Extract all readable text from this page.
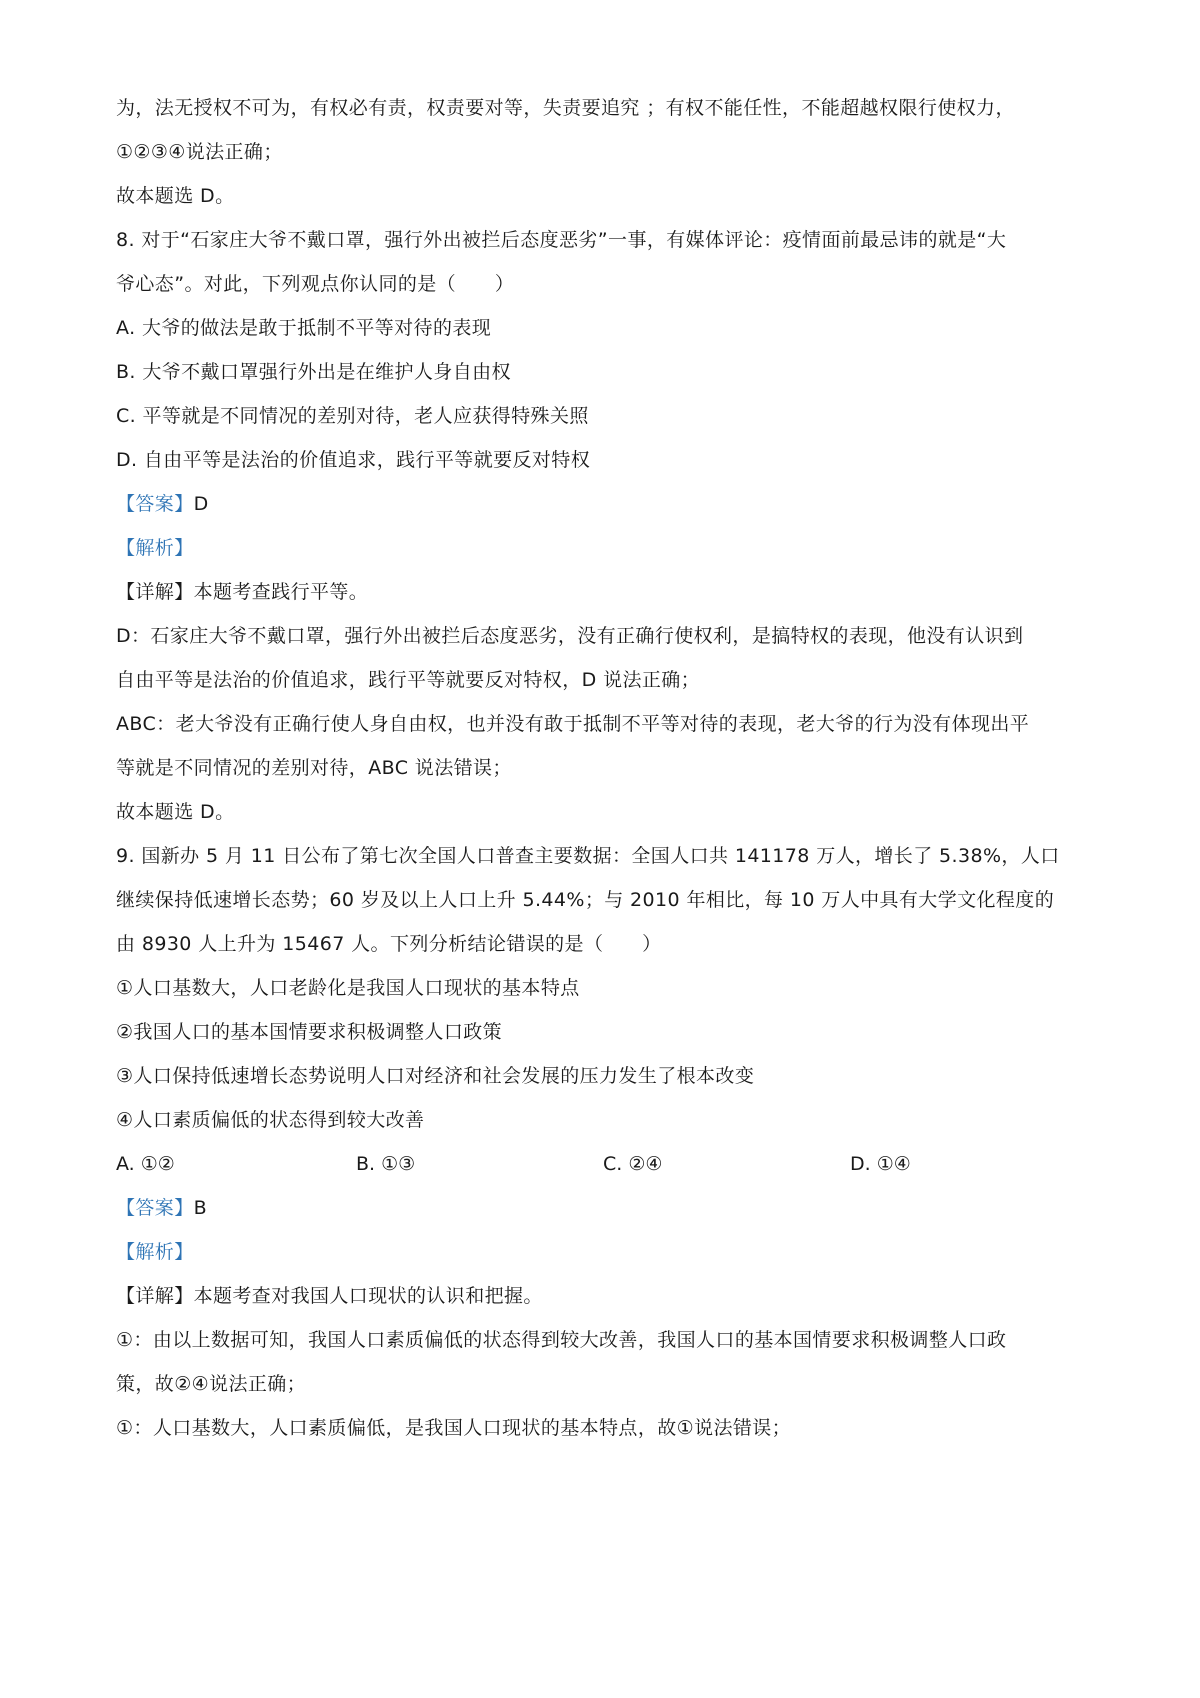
为，法无授权不可为，有权必有责，权责要对等，失责要追究 ；有权不能任性，不能超越权限行使权力，
①②③④说法正确；
故本题选 D。
8. 对于“石家庄大爷不戴口罩，强行外出被拦后态度恶劣”一事，有媒体评论：疫情面前最忌讳的就是“大
爷心态”。对此，下列观点你认同的是（　　）
A. 大爷的做法是敢于抵制不平等对待的表现
B. 大爷不戴口罩强行外出是在维护人身自由权
C. 平等就是不同情况的差别对待，老人应获得特殊关照
D. 自由平等是法治的价值追求，践行平等就要反对特权
【答案】D
【解析】
【详解】本题考查践行平等。
D：石家庄大爷不戴口罩，强行外出被拦后态度恶劣，没有正确行使权利，是搞特权的表现，他没有认识到
自由平等是法治的价值追求，践行平等就要反对特权，D 说法正确；
ABC：老大爷没有正确行使人身自由权，也并没有敢于抵制不平等对待的表现，老大爷的行为没有体现出平
等就是不同情况的差别对待，ABC 说法错误；
故本题选 D。
9. 国新办 5 月 11 日公布了第七次全国人口普查主要数据：全国人口共 141178 万人，增长了 5.38%，人口
继续保持低速增长态势；60 岁及以上人口上升 5.44%；与 2010 年相比，每 10 万人中具有大学文化程度的
由 8930 人上升为 15467 人。下列分析结论错误的是（　　）
①人口基数大，人口老龄化是我国人口现状的基本特点
②我国人口的基本国情要求积极调整人口政策
③人口保持低速增长态势说明人口对经济和社会发展的压力发生了根本改变
④人口素质偏低的状态得到较大改善
A. ①②	B. ①③	C. ②④	D. ①④
【答案】B
【解析】
【详解】本题考查对我国人口现状的认识和把握。
①：由以上数据可知，我国人口素质偏低的状态得到较大改善，我国人口的基本国情要求积极调整人口政
策，故②④说法正确；
①：人口基数大，人口素质偏低，是我国人口现状的基本特点，故①说法错误；
